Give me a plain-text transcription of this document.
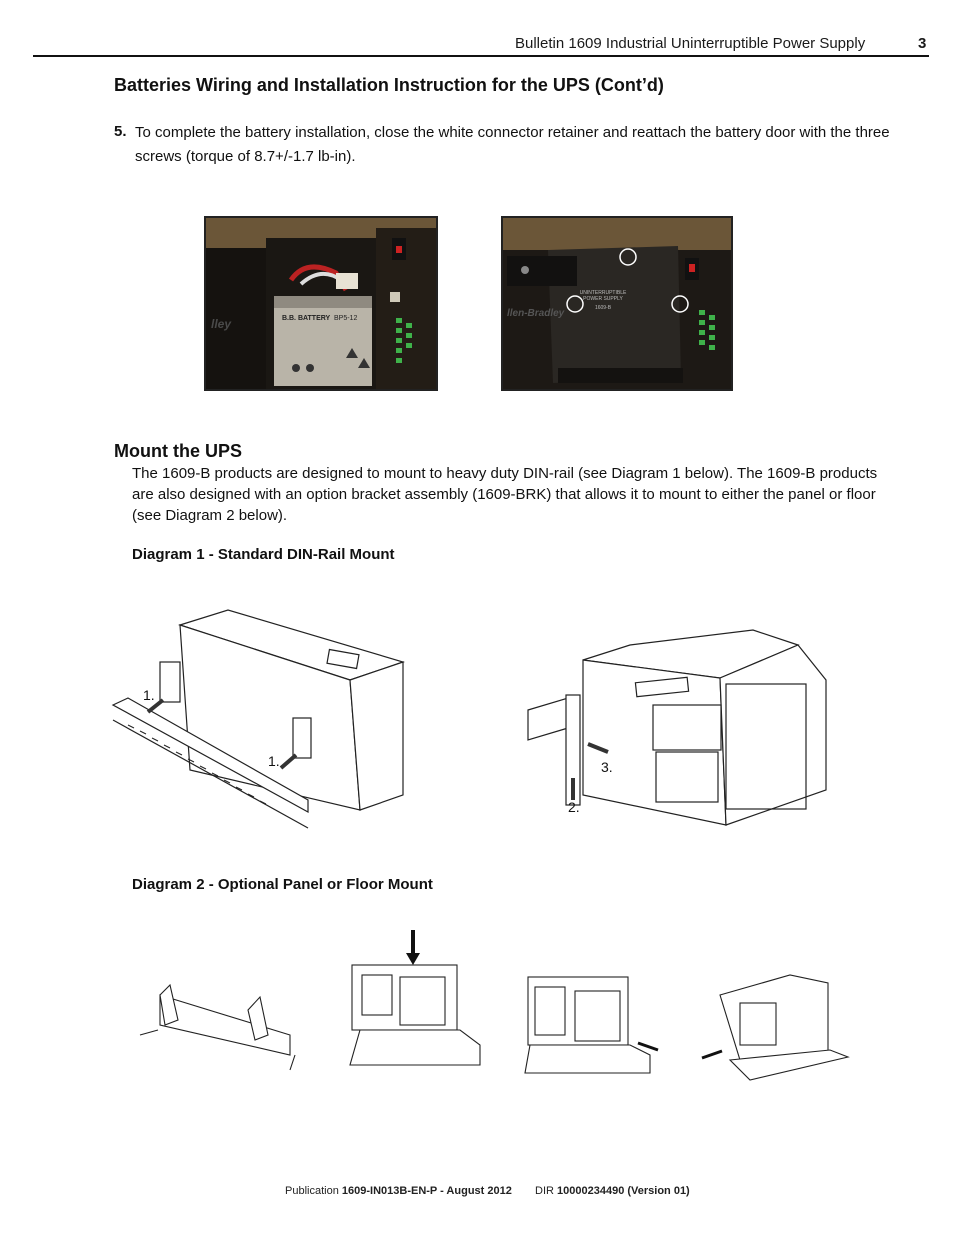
Bulletin 1609 Industrial Uninterruptible Power Supply	3
Batteries Wiring and Installation Instruction for the UPS (Cont’d)
5. To complete the battery installation, close the white connector retainer and reattach the battery door with the three screws (torque of 8.7+/-1.7 lb-in).
B.B. BATTERY BP5-12
lley
UNINTERRUPTIBLE
POWER SUPPLY
1609-B
llen-Bradley
Mount the UPS
The 1609-B products are designed to mount to heavy duty DIN-rail (see Diagram 1 below). The 1609-B products are also designed with an option bracket assembly (1609-BRK) that allows it to mount to either the panel or floor (see Diagram 2 below).
Diagram 1 - Standard DIN-Rail Mount
1.
1.	3.
2.
Diagram 2 - Optional Panel or Floor Mount
Publication 1609-IN013B-EN-P - August 2012 DIR 10000234490 (Version 01)
